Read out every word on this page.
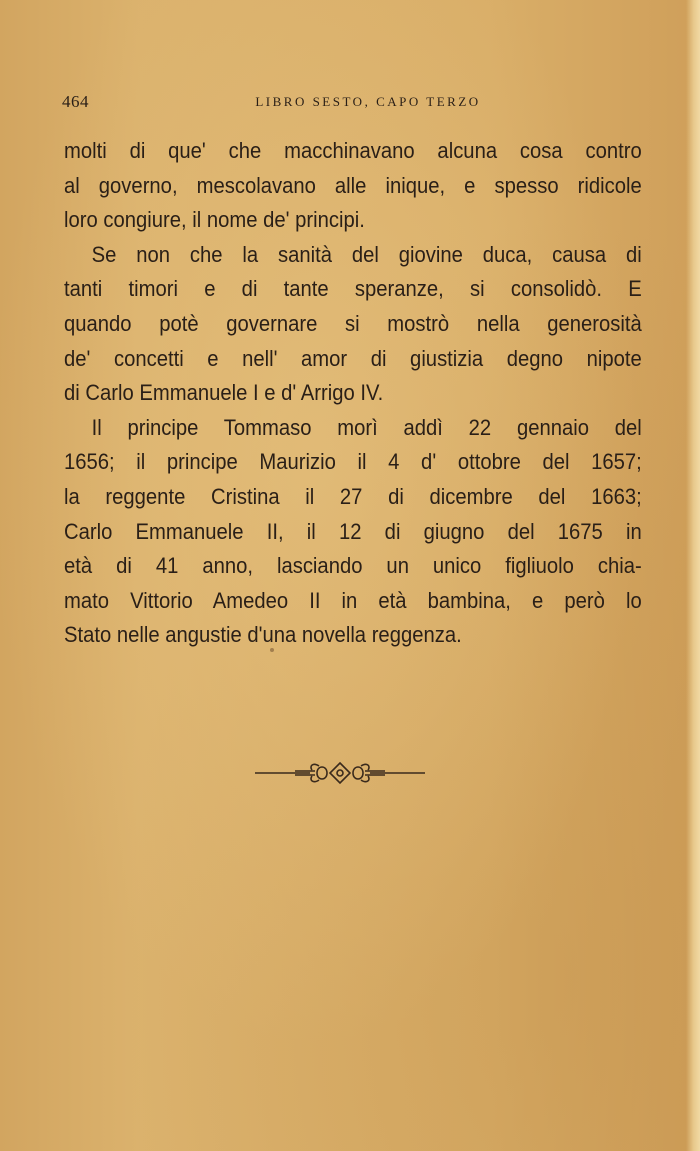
464	LIBRO SESTO, CAPO TERZO
molti di que' che macchinavano alcuna cosa contro
al governo, mescolavano alle inique, e spesso ridicole
loro congiure, il nome de' principi.
Se non che la sanità del giovine duca, causa di
tanti timori e di tante speranze, si consolidò. E
quando potè governare si mostrò nella generosità
de' concetti e nell' amor di giustizia degno nipote
di Carlo Emmanuele I e d' Arrigo IV.
Il principe Tommaso morì addì 22 gennaio del
1656; il principe Maurizio il 4 d' ottobre del 1657;
la reggente Cristina il 27 di dicembre del 1663;
Carlo Emmanuele II, il 12 di giugno del 1675 in
età di 41 anno, lasciando un unico figliuolo chia-
mato Vittorio Amedeo II in età bambina, e però lo
Stato nelle angustie d'una novella reggenza.
